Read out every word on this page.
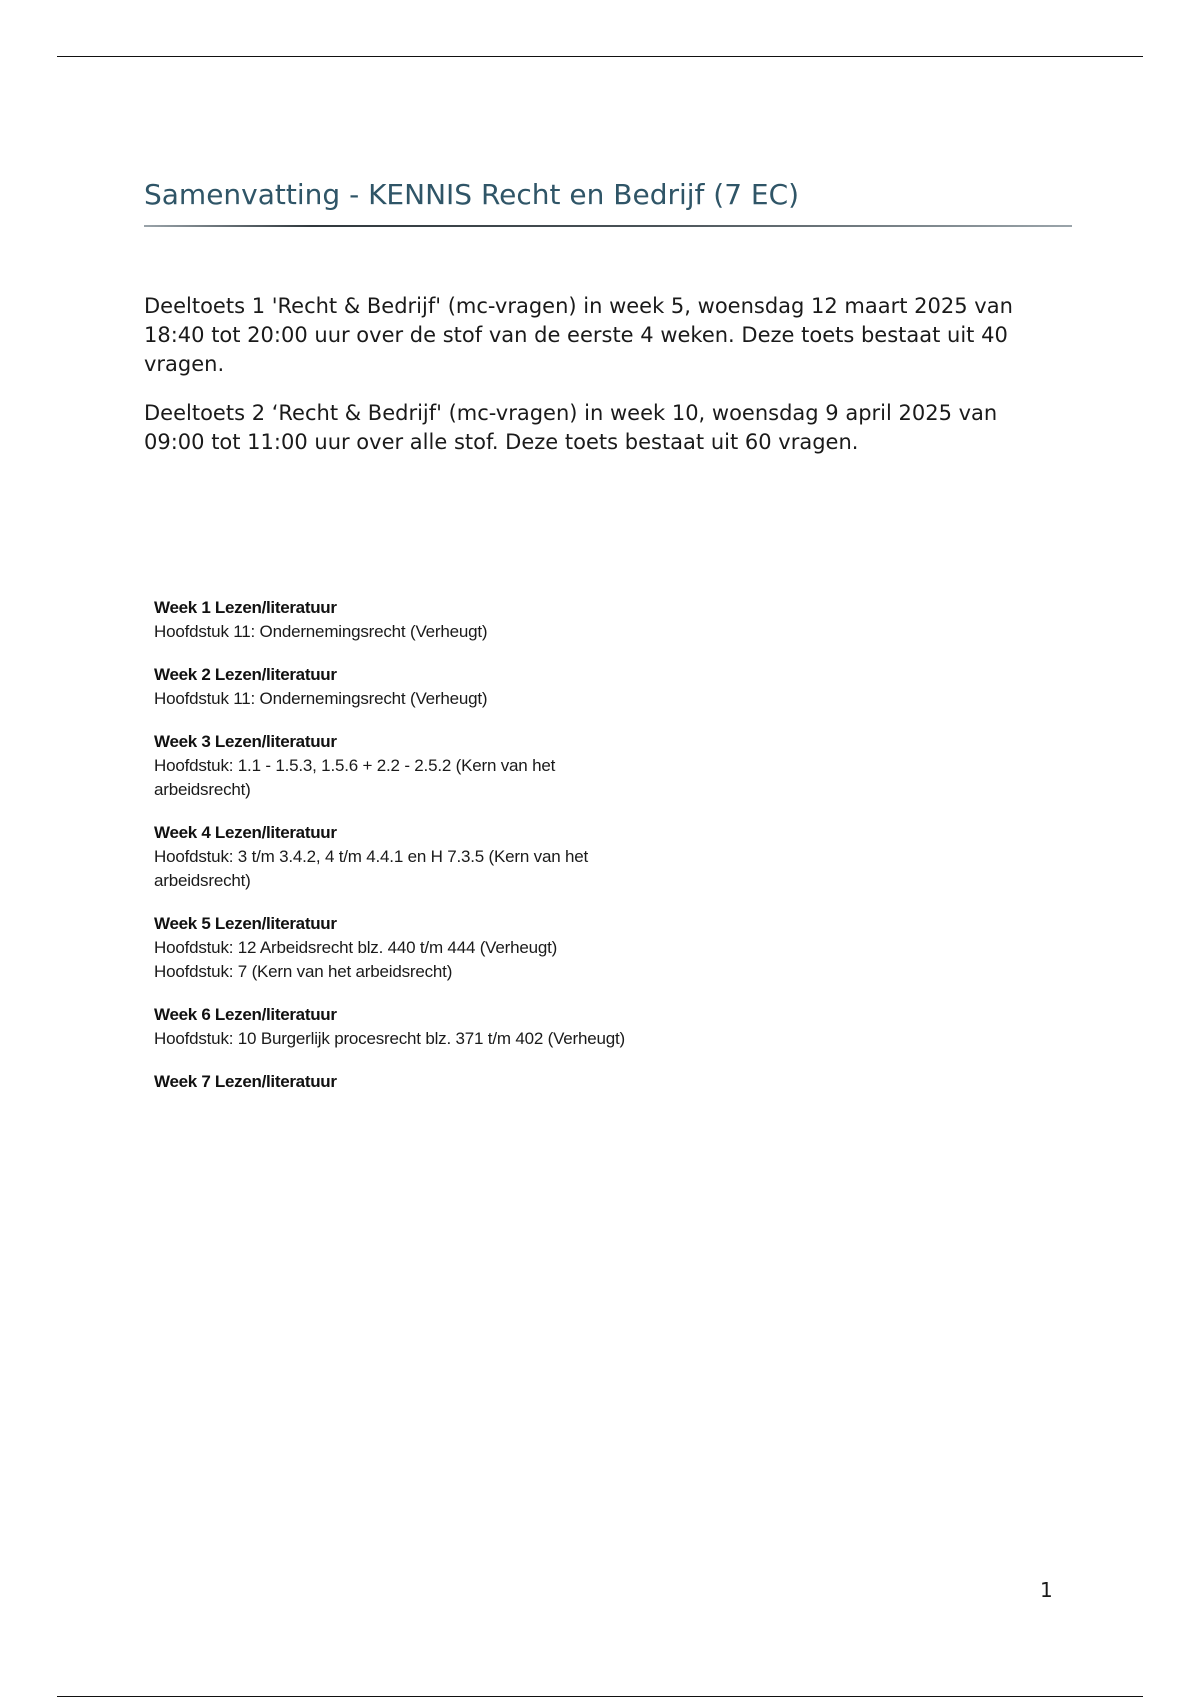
Samenvatting - KENNIS Recht en Bedrijf (7 EC)

Deeltoets 1 'Recht & Bedrijf' (mc-vragen) in week 5, woensdag 12 maart 2025 van 18:40 tot 20:00 uur over de stof van de eerste 4 weken. Deze toets bestaat uit 40 vragen.

Deeltoets 2 ‘Recht & Bedrijf' (mc-vragen) in week 10, woensdag 9 april 2025 van 09:00 tot 11:00 uur over alle stof. Deze toets bestaat uit 60 vragen.

Week 1 Lezen/literatuur
Hoofdstuk 11: Ondernemingsrecht (Verheugt)
Week 2 Lezen/literatuur
Hoofdstuk 11: Ondernemingsrecht (Verheugt)
Week 3 Lezen/literatuur
Hoofdstuk: 1.1 - 1.5.3, 1.5.6 + 2.2 - 2.5.2 (Kern van het
arbeidsrecht)
Week 4 Lezen/literatuur
Hoofdstuk: 3 t/m 3.4.2, 4 t/m 4.4.1 en H 7.3.5 (Kern van het
arbeidsrecht)
Week 5 Lezen/literatuur
Hoofdstuk: 12 Arbeidsrecht blz. 440 t/m 444 (Verheugt)
Hoofdstuk: 7 (Kern van het arbeidsrecht)
Week 6 Lezen/literatuur
Hoofdstuk: 10 Burgerlijk procesrecht blz. 371 t/m 402 (Verheugt)
Week 7 Lezen/literatuur
1
